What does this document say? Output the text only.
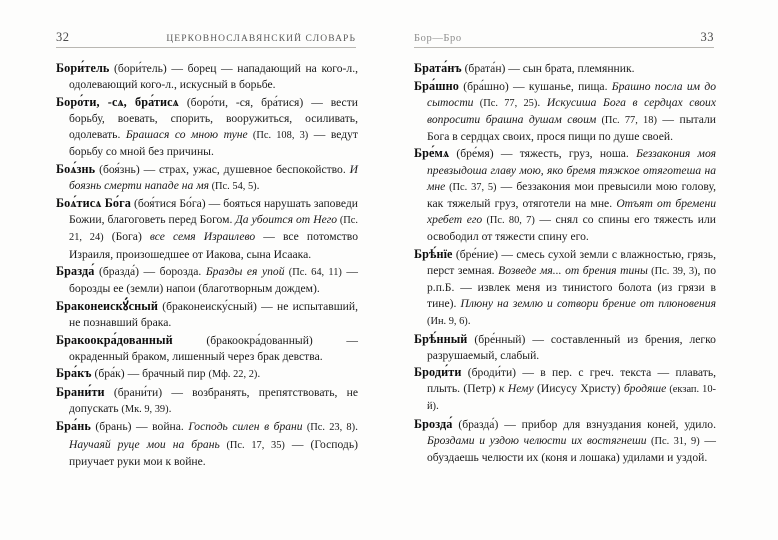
32	ЦЕРКОВНОСЛАВЯНСКИЙ СЛОВАРЬ	Бор—Бро	33

Бори́тель (бори́тель) — борец — нападающий на кого-л., одолевающий кого-л., искусный в борьбе.

Боро́ти, -сѧ, бра́тисѧ (боро́ти, -ся, бра́тися) — вести борьбу, воевать, спорить, вооружиться, осиливать, одолевать. Брашася со мною туне (Пс. 108, 3) — ведут борьбу со мной без причины.

Боѧ́знь (боя́знь) — страх, ужас, душевное беспокойство. И боязнь смерти нападе на мя (Пс. 54, 5).

Боѧ́тисѧ Бо́га (боя́тися Бо́га) — бояться нарушать заповеди Божии, благоговеть перед Богом. Да убоится от Него (Пс. 21, 24) (Бога) все семя Израилево — все потомство Израиля, произошедшее от Иакова, сына Исаака.

Бразда́ (бразда́) — борозда. Бразды ея упой (Пс. 64, 11) — борозды ее (земли) напои (благотворным дождем).

Браконеискꙋ́сный (браконеиску́сный) — не испытавший, не познавший брака.

Бракоокра́дованный (бракоокра́дованный) — окраденный браком, лишенный через брак девства.

Бра́къ (бра́к) — брачный пир (Мф. 22, 2).

Брани́ти (брани́ти) — возбранять, препятствовать, не допускать (Мк. 9, 39).

Бра́нь (брань) — война. Господь силен в брани (Пс. 23, 8). Научаяй руце мои на брань (Пс. 17, 35) — (Господь) приучает руки мои к войне.

Брата́нъ (брата́н) — сын брата, племянник.

Бра́шно (бра́шно) — кушанье, пища. Брашно посла им до сытости (Пс. 77, 25). Искусиша Бога в сердцах своих вопросити брашна душам своим (Пс. 77, 18) — пытали Бога в сердцах своих, прося пищи по душе своей.

Бре́мѧ (бре́мя) — тяжесть, груз, ноша. Беззакония моя превзыдоша главу мою, яко бремя тяжкое отяготеша на мне (Пс. 37, 5) — беззакония мои превысили мою голову, как тяжелый груз, отяготели на мне. Отъят от бремени хребет его (Пс. 80, 7) — снял со спины его тяжесть или освободил от тяжести спину его.

Брѣ́нїе (бре́ние) — смесь сухой земли с влажностью, грязь, перст земная. Возведе мя... от брения тины (Пс. 39, 3), по р.п.Б. — извлек меня из тинистого болота (из грязи в тине). Плюну на землю и сотвори брение от плюновения (Ин. 9, 6).

Брѣ́нный (бре́нный) — составленный из брения, легко разрушаемый, слабый.

Броди́ти (броди́ти) — в пер. с греч. текста — плавать, плыть. (Петр) к Нему (Иисусу Христу) бродяше (екзап. 10-й).

Брозда́ (бразда́) — прибор для взнуздания коней, удило. Броздами и уздою челюсти их востягнеши (Пс. 31, 9) — обуздаешь челюсти их (коня и лошака) удилами и уздой.
